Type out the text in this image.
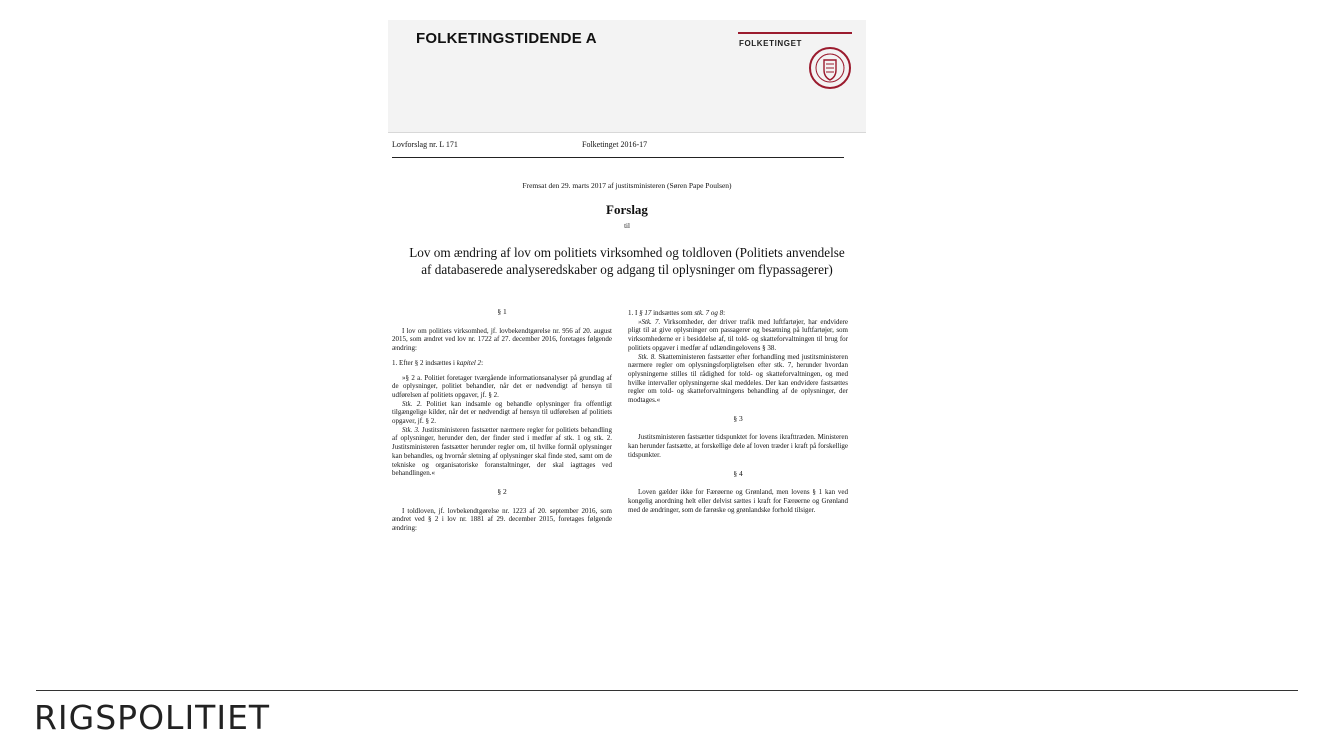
FOLKETINGSTIDENDE A	FOLKETINGET
Lovforslag nr. L 171	Folketinget 2016-17
Fremsat den 29. marts 2017 af justitsministeren (Søren Pape Poulsen)
Forslag
til
Lov om ændring af lov om politiets virksomhed og toldloven (Politiets anvendelse af databaserede analyseredskaber og adgang til oplysninger om flypassagerer)
§ 1

I lov om politiets virksomhed, jf. lovbekendtgørelse nr. 956 af 20. august 2015, som ændret ved lov nr. 1722 af 27. december 2016, foretages følgende ændring:

1. Efter § 2 indsættes i kapitel 2:

»§ 2 a. Politiet foretager tværgående informationsanalyser på grundlag af de oplysninger, politiet behandler, når det er nødvendigt af hensyn til udførelsen af politiets opgaver, jf. § 2.

Stk. 2. Politiet kan indsamle og behandle oplysninger fra offentligt tilgængelige kilder, når det er nødvendigt af hensyn til udførelsen af politiets opgaver, jf. § 2.

Stk. 3. Justitsministeren fastsætter nærmere regler for politiets behandling af oplysninger, herunder den, der finder sted i medfør af stk. 1 og stk. 2. Justitsministeren fastsætter herunder regler om, til hvilke formål oplysninger kan behandles, og hvornår sletning af oplysninger skal finde sted, samt om de tekniske og organisatoriske foranstaltninger, der skal iagttages ved behandlingen.«

§ 2

I toldloven, jf. lovbekendtgørelse nr. 1223 af 20. september 2016, som ændret ved § 2 i lov nr. 1881 af 29. december 2015, foretages følgende ændring:

1. I § 17 indsættes som stk. 7 og 8:

»Stk. 7. Virksomheder, der driver trafik med luftfartøjer, har endvidere pligt til at give oplysninger om passagerer og besætning på luftfartøjer, som virksomhederne er i besiddelse af, til told- og skatteforvaltningen til brug for politiets opgaver i medfør af udlændingelovens § 38.

Stk. 8. Skatteministeren fastsætter efter forhandling med justitsministeren nærmere regler om oplysningsforpligtelsen efter stk. 7, herunder hvordan oplysningerne stilles til rådighed for told- og skatteforvaltningen, og med hvilke intervaller oplysningerne skal meddeles. Der kan endvidere fastsættes regler om told- og skatteforvaltningens behandling af de oplysninger, der modtages.«

§ 3

Justitsministeren fastsætter tidspunktet for lovens ikrafttræden. Ministeren kan herunder fastsætte, at forskellige dele af loven træder i kraft på forskellige tidspunkter.

§ 4

Loven gælder ikke for Færøerne og Grønland, men lovens § 1 kan ved kongelig anordning helt eller delvist sættes i kraft for Færøerne og Grønland med de ændringer, som de færøske og grønlandske forhold tilsiger.

RIGSPOLITIET
